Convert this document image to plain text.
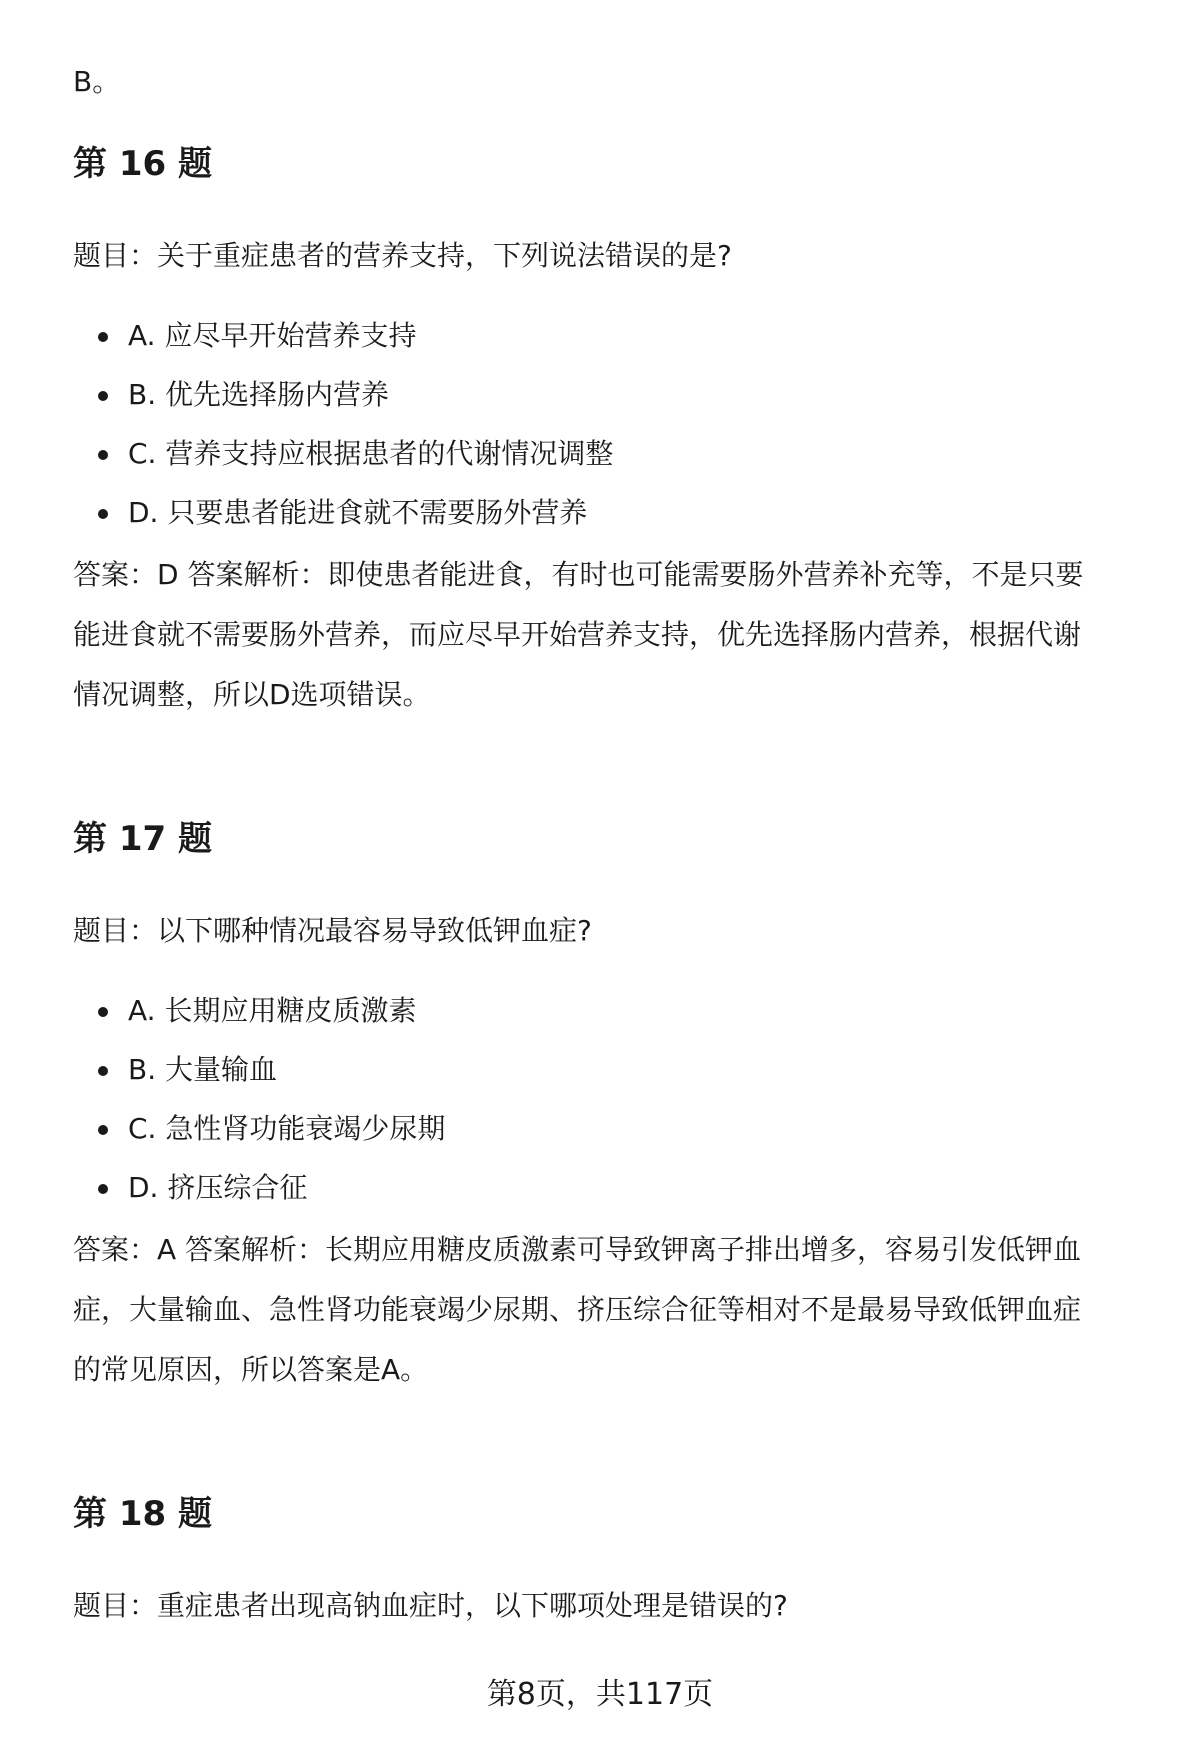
B。
第 16 题

题目：关于重症患者的营养支持，下列说法错误的是?

A. 应尽早开始营养支持
B. 优先选择肠内营养
C. 营养支持应根据患者的代谢情况调整
D. 只要患者能进食就不需要肠外营养

答案：D 答案解析：即使患者能进食，有时也可能需要肠外营养补充等，不是只要
能进食就不需要肠外营养，而应尽早开始营养支持，优先选择肠内营养，根据代谢
情况调整，所以D选项错误。

第 17 题

题目：以下哪种情况最容易导致低钾血症?

A. 长期应用糖皮质激素
B. 大量输血
C. 急性肾功能衰竭少尿期
D. 挤压综合征

答案：A 答案解析：长期应用糖皮质激素可导致钾离子排出增多，容易引发低钾血
症，大量输血、急性肾功能衰竭少尿期、挤压综合征等相对不是最易导致低钾血症
的常见原因，所以答案是A。

第 18 题

题目：重症患者出现高钠血症时，以下哪项处理是错误的?

第8页，共117页
